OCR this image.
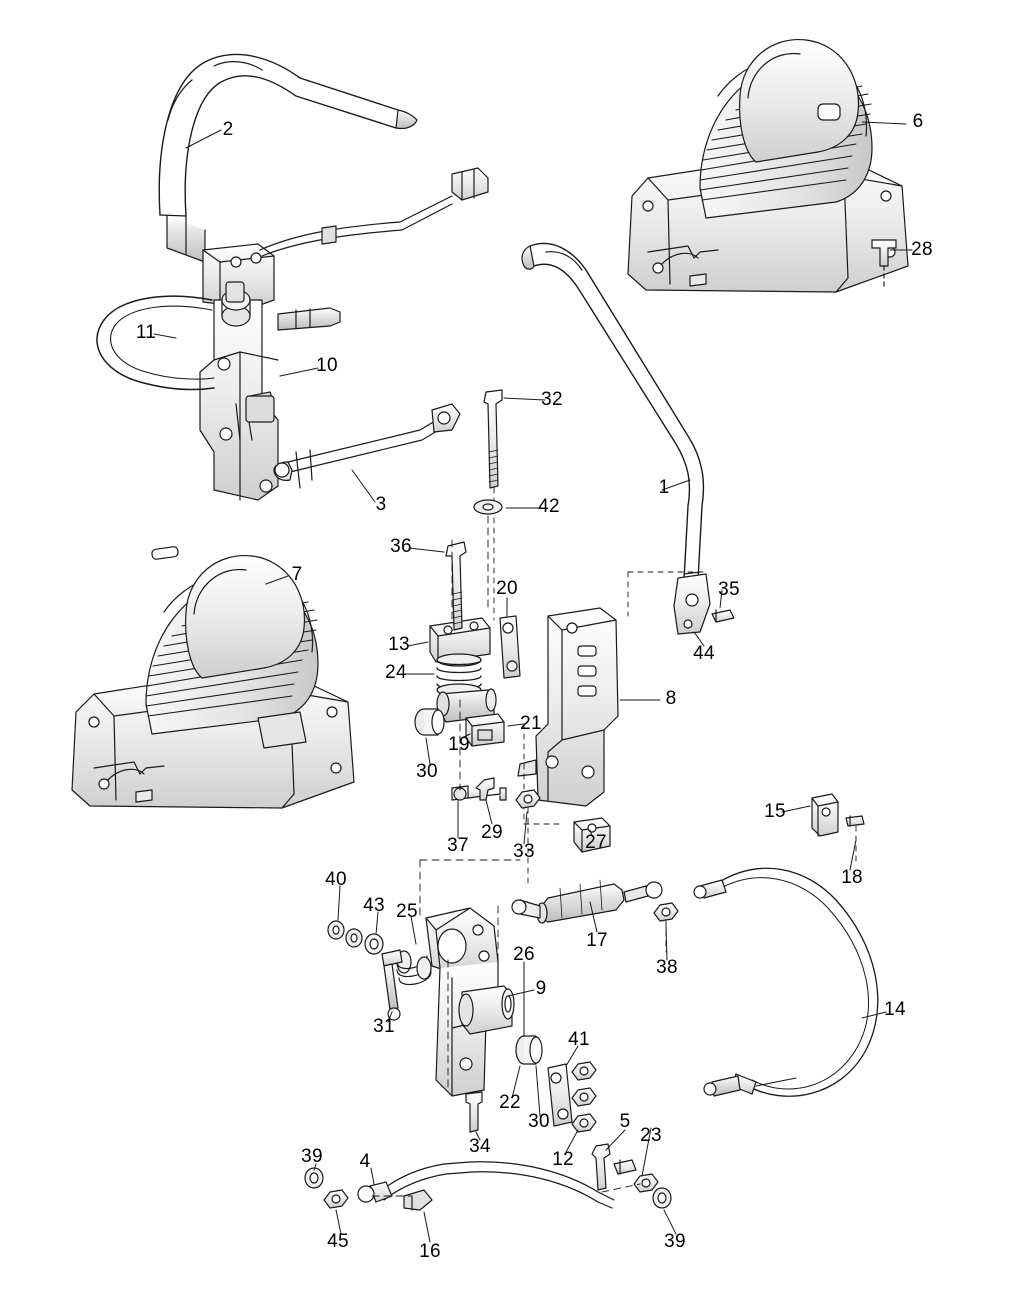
1
2
3
4
5
6
7
8
9
10
11
12
13
14
15
16
17
18
19
20
21
22
23
24
25
26
27
28
29
30
30
31
32
33
34
35
36
37
38
39
39
40
41
42
43
44
45
